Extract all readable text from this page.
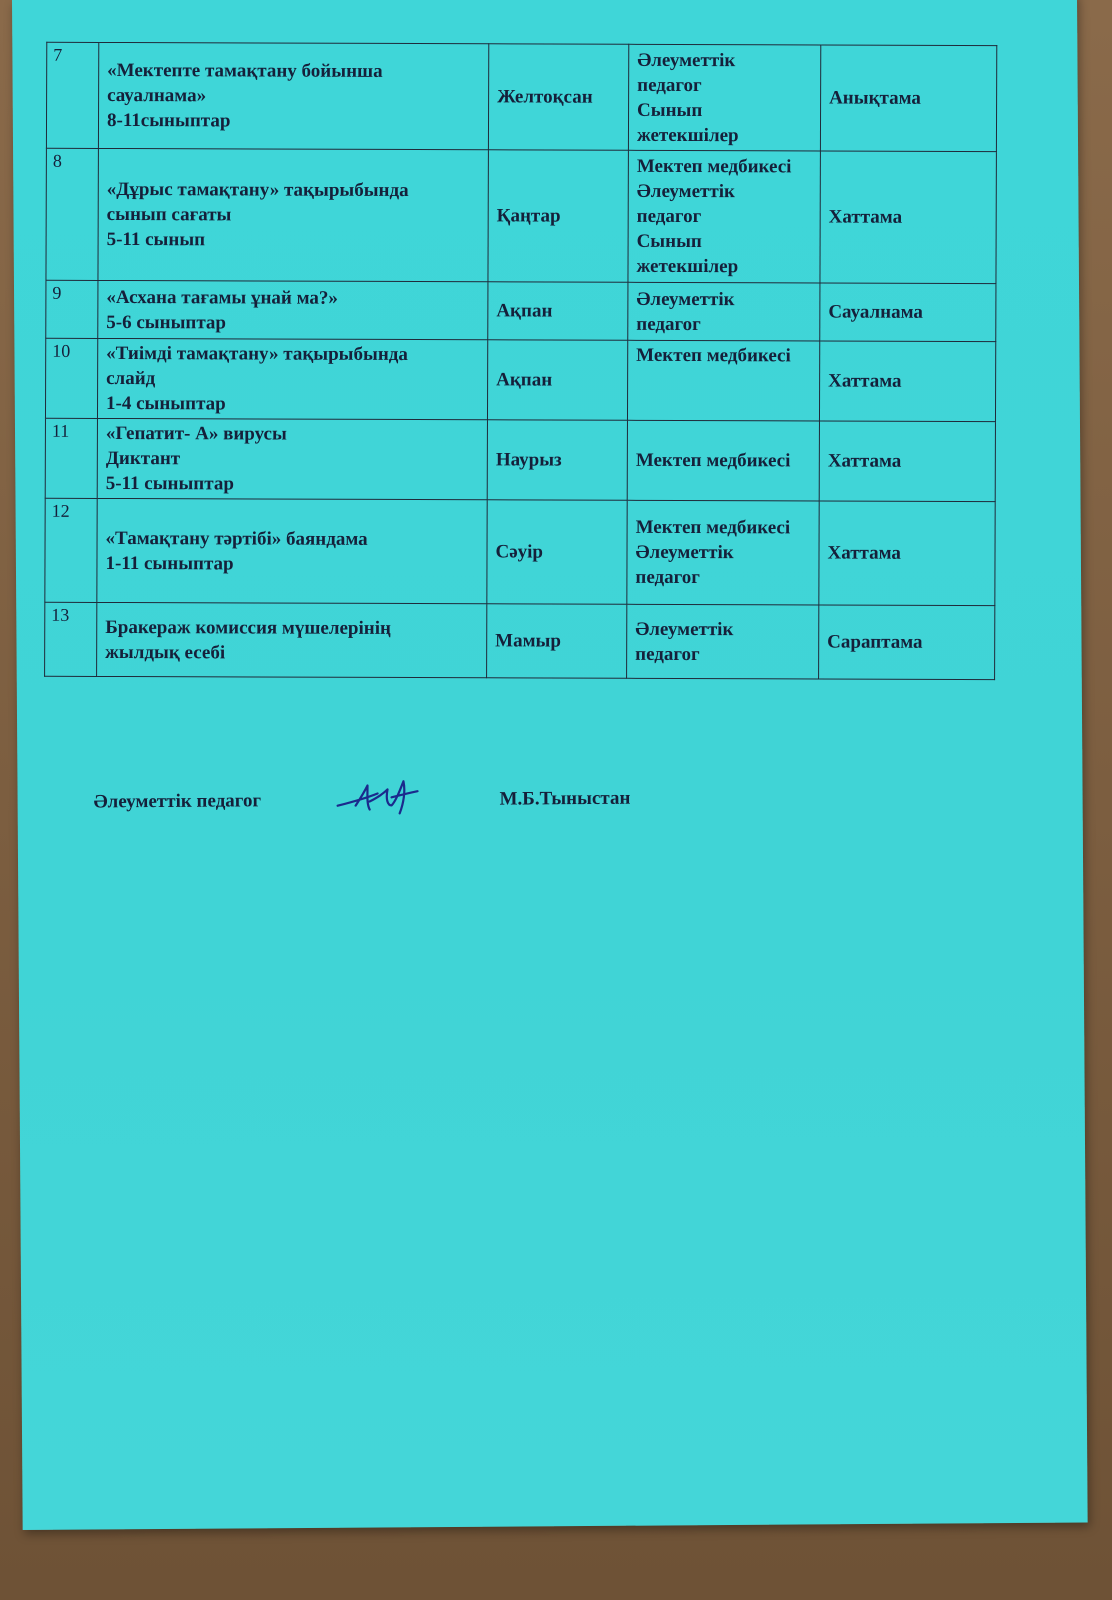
7	«Мектепте тамақтану бойынша
сауалнама»
8-11сыныптар	Желтоқсан	Әлеуметтік
педагог
Сынып
жетекшілер	Анықтама
8	«Дұрыс тамақтану» тақырыбында
сынып сағаты
5-11 сынып	Қаңтар	Мектеп медбикесі
Әлеуметтік
педагог
Сынып
жетекшілер	Хаттама
9	«Асхана тағамы ұнай ма?»
5-6 сыныптар	Ақпан	Әлеуметтік
педагог	Сауалнама
10	«Тиімді тамақтану» тақырыбында
слайд
1-4 сыныптар	Ақпан	Мектеп медбикесі	Хаттама
11	«Гепатит- А» вирусы
Диктант
5-11 сыныптар	Наурыз	Мектеп медбикесі	Хаттама
12	«Тамақтану тәртібі» баяндама
1-11 сыныптар	Сәуір	Мектеп медбикесі
Әлеуметтік
педагог	Хаттама
13	Бракераж комиссия мүшелерінің
жылдық есебі	Мамыр	Әлеуметтік
педагог	Сараптама
Әлеуметтік педагог	М.Б.Тыныстан
